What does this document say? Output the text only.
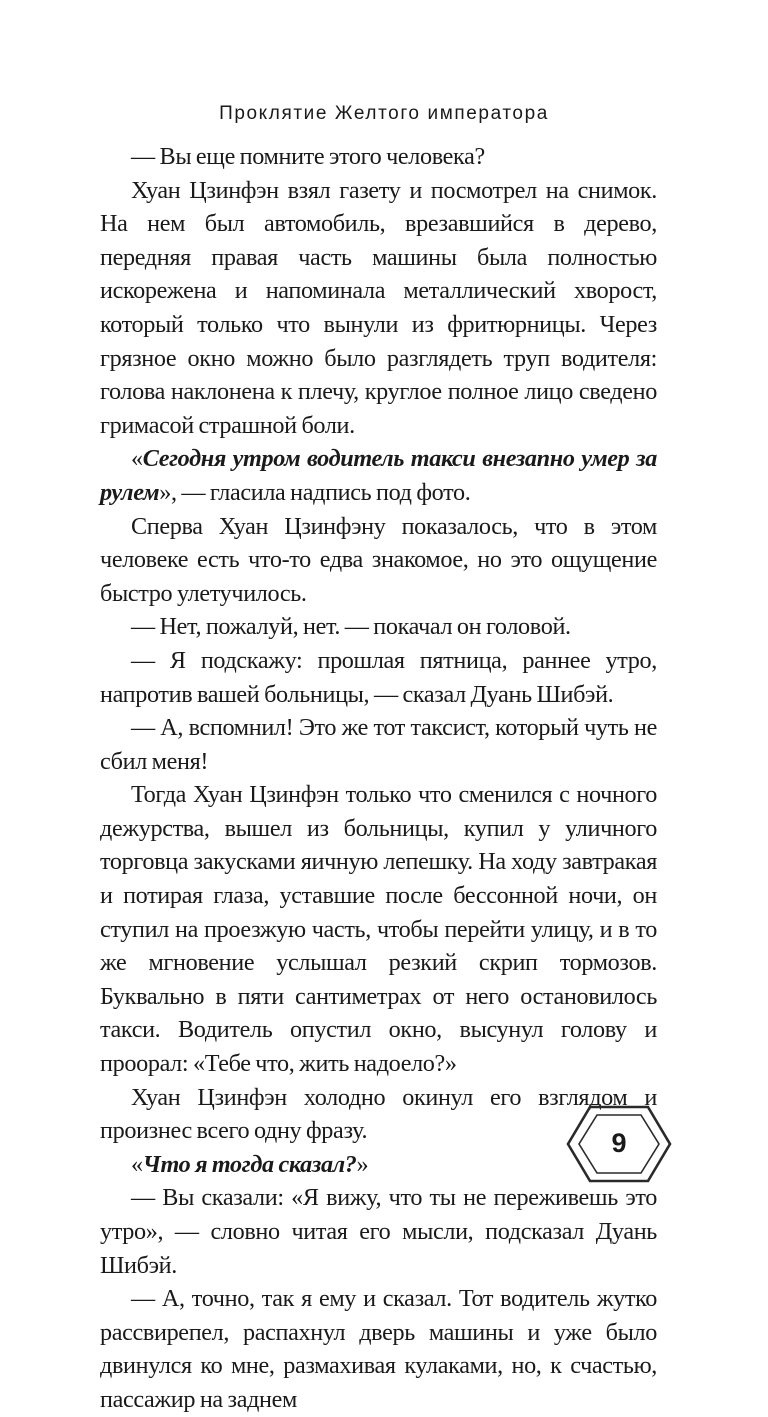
Проклятие Желтого императора

— Вы еще помните этого человека?

Хуан Цзинфэн взял газету и посмотрел на снимок. На нем был автомобиль, врезавшийся в дерево, передняя правая часть машины была полностью искорежена и напоминала металлический хворост, который только что вынули из фритюрницы. Через грязное окно можно было разглядеть труп водителя: голова наклонена к плечу, круглое полное лицо сведено гримасой страшной боли.

«Сегодня утром водитель такси внезапно умер за рулем», — гласила надпись под фото.

Сперва Хуан Цзинфэну показалось, что в этом человеке есть что-то едва знакомое, но это ощущение быстро улетучилось.

— Нет, пожалуй, нет. — покачал он головой.

— Я подскажу: прошлая пятница, раннее утро, напротив вашей больницы, — сказал Дуань Шибэй.

— А, вспомнил! Это же тот таксист, который чуть не сбил меня!

Тогда Хуан Цзинфэн только что сменился с ночного дежурства, вышел из больницы, купил у уличного торговца закусками яичную лепешку. На ходу завтракая и потирая глаза, уставшие после бессонной ночи, он ступил на проезжую часть, чтобы перейти улицу, и в то же мгновение услышал резкий скрип тормозов. Буквально в пяти сантиметрах от него остановилось такси. Водитель опустил окно, высунул голову и проорал: «Тебе что, жить надоело?»

Хуан Цзинфэн холодно окинул его взглядом и произнес всего одну фразу.

«Что я тогда сказал?»

— Вы сказали: «Я вижу, что ты не переживешь это утро», — словно читая его мысли, подсказал Дуань Шибэй.

— А, точно, так я ему и сказал. Тот водитель жутко рассвирепел, распахнул дверь машины и уже было двинулся ко мне, размахивая кулаками, но, к счастью, пассажир на заднем

9
